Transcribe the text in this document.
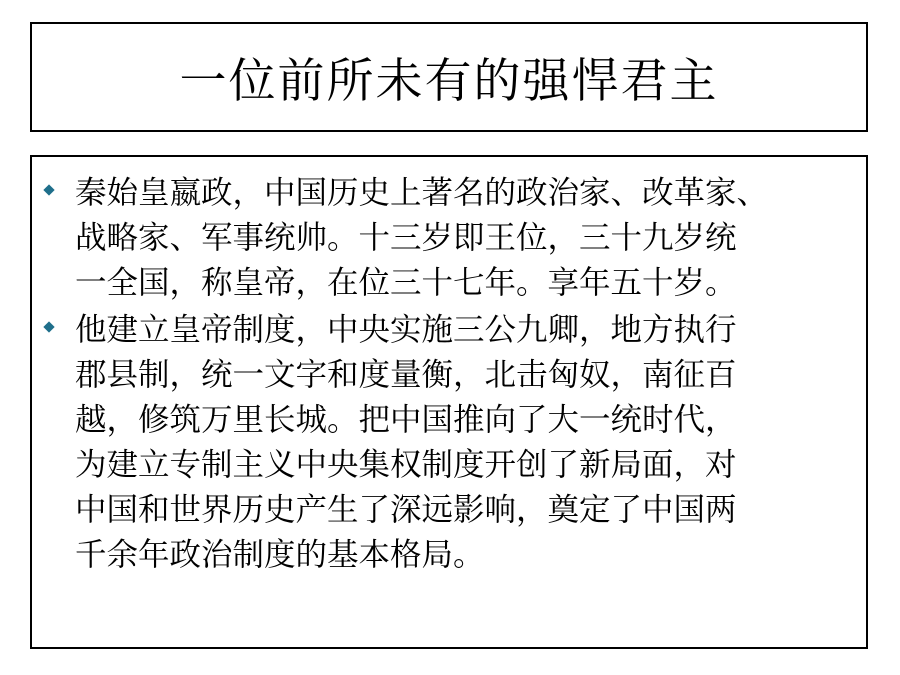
一位前所未有的强悍君主
秦始皇嬴政，中国历史上著名的政治家、改革家、
战略家、军事统帅。十三岁即王位，三十九岁统
一全国，称皇帝，在位三十七年。享年五十岁。
他建立皇帝制度，中央实施三公九卿，地方执行
郡县制，统一文字和度量衡，北击匈奴，南征百
越，修筑万里长城。把中国推向了大一统时代，
为建立专制主义中央集权制度开创了新局面，对
中国和世界历史产生了深远影响，奠定了中国两
千余年政治制度的基本格局。
